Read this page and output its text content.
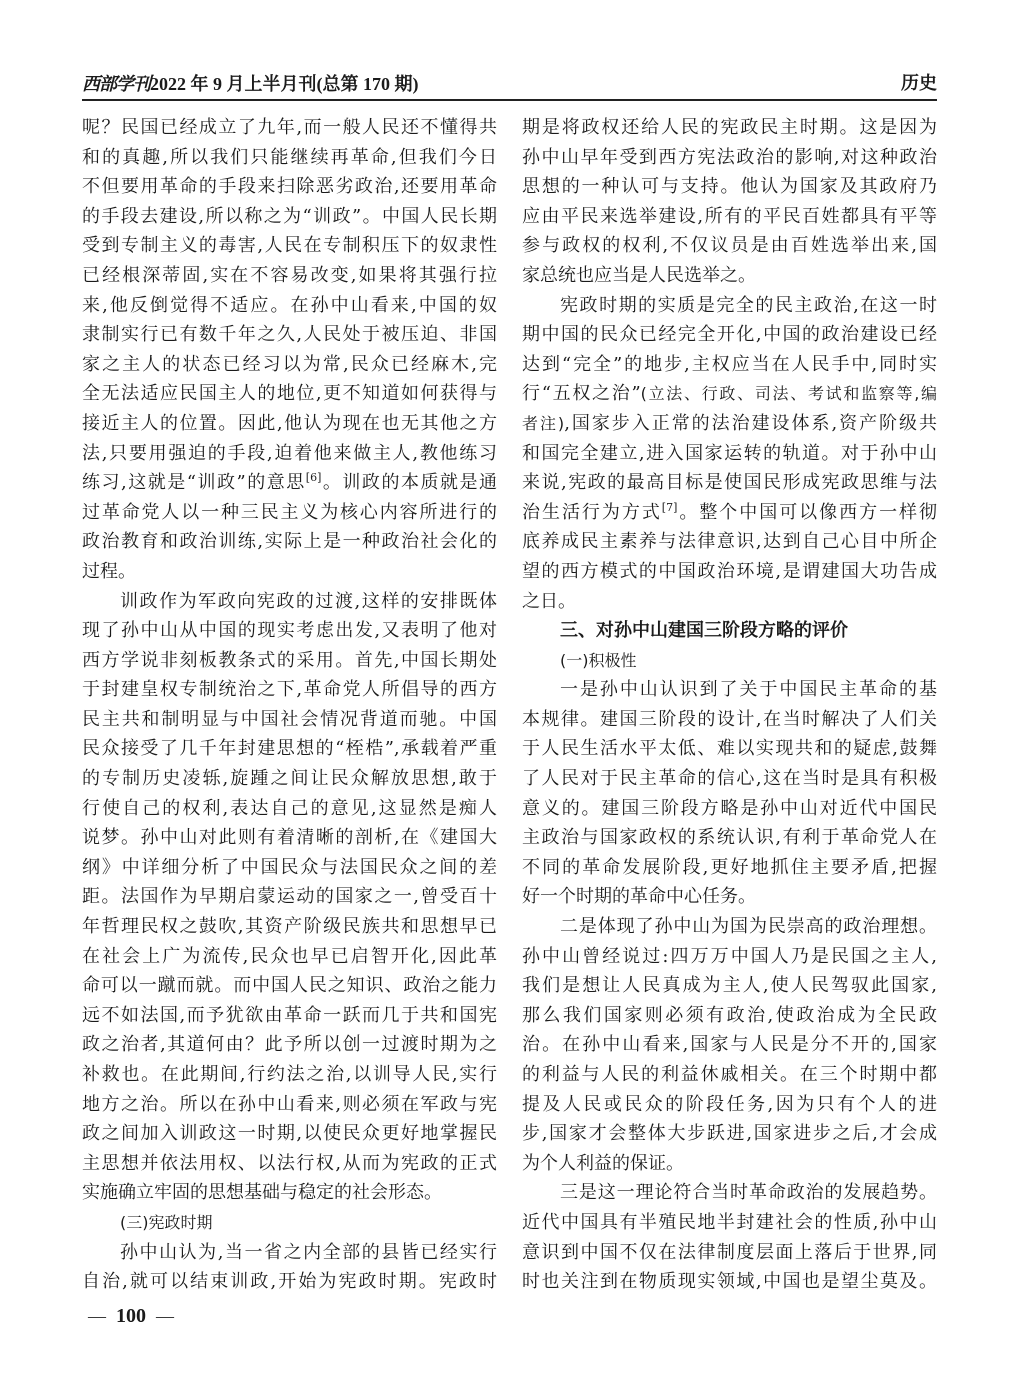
西部学刊2022 年 9 月上半月刊(总第 170 期)	历史
呢？民国已经成立了九年,而一般人民还不懂得共
和的真趣,所以我们只能继续再革命,但我们今日
不但要用革命的手段来扫除恶劣政治,还要用革命
的手段去建设,所以称之为“训政”。中国人民长期
受到专制主义的毒害,人民在专制积压下的奴隶性
已经根深蒂固,实在不容易改变,如果将其强行拉
来,他反倒觉得不适应。在孙中山看来,中国的奴
隶制实行已有数千年之久,人民处于被压迫、非国
家之主人的状态已经习以为常,民众已经麻木,完
全无法适应民国主人的地位,更不知道如何获得与
接近主人的位置。因此,他认为现在也无其他之方
法,只要用强迫的手段,迫着他来做主人,教他练习
练习,这就是“训政”的意思[6]。训政的本质就是通
过革命党人以一种三民主义为核心内容所进行的
政治教育和政治训练,实际上是一种政治社会化的
过程。
训政作为军政向宪政的过渡,这样的安排既体
现了孙中山从中国的现实考虑出发,又表明了他对
西方学说非刻板教条式的采用。首先,中国长期处
于封建皇权专制统治之下,革命党人所倡导的西方
民主共和制明显与中国社会情况背道而驰。中国
民众接受了几千年封建思想的“桎梏”,承载着严重
的专制历史凌轹,旋踵之间让民众解放思想,敢于
行使自己的权利,表达自己的意见,这显然是痴人
说梦。孙中山对此则有着清晰的剖析,在《建国大
纲》中详细分析了中国民众与法国民众之间的差
距。法国作为早期启蒙运动的国家之一,曾受百十
年哲理民权之鼓吹,其资产阶级民族共和思想早已
在社会上广为流传,民众也早已启智开化,因此革
命可以一蹴而就。而中国人民之知识、政治之能力
远不如法国,而予犹欲由革命一跃而几于共和国宪
政之治者,其道何由？此予所以创一过渡时期为之
补救也。在此期间,行约法之治,以训导人民,实行
地方之治。所以在孙中山看来,则必须在军政与宪
政之间加入训政这一时期,以使民众更好地掌握民
主思想并依法用权、以法行权,从而为宪政的正式
实施确立牢固的思想基础与稳定的社会形态。
(三)宪政时期
孙中山认为,当一省之内全部的县皆已经实行
自治,就可以结束训政,开始为宪政时期。宪政时
期是将政权还给人民的宪政民主时期。这是因为
孙中山早年受到西方宪法政治的影响,对这种政治
思想的一种认可与支持。他认为国家及其政府乃
应由平民来选举建设,所有的平民百姓都具有平等
参与政权的权利,不仅议员是由百姓选举出来,国
家总统也应当是人民选举之。
宪政时期的实质是完全的民主政治,在这一时
期中国的民众已经完全开化,中国的政治建设已经
达到“完全”的地步,主权应当在人民手中,同时实
行“五权之治”(立法、行政、司法、考试和监察等,编
者注),国家步入正常的法治建设体系,资产阶级共
和国完全建立,进入国家运转的轨道。对于孙中山
来说,宪政的最高目标是使国民形成宪政思维与法
治生活行为方式[7]。整个中国可以像西方一样彻
底养成民主素养与法律意识,达到自己心目中所企
望的西方模式的中国政治环境,是谓建国大功告成
之日。
三、对孙中山建国三阶段方略的评价
(一)积极性
一是孙中山认识到了关于中国民主革命的基
本规律。建国三阶段的设计,在当时解决了人们关
于人民生活水平太低、难以实现共和的疑虑,鼓舞
了人民对于民主革命的信心,这在当时是具有积极
意义的。建国三阶段方略是孙中山对近代中国民
主政治与国家政权的系统认识,有利于革命党人在
不同的革命发展阶段,更好地抓住主要矛盾,把握
好一个时期的革命中心任务。
二是体现了孙中山为国为民崇高的政治理想。
孙中山曾经说过:四万万中国人乃是民国之主人,
我们是想让人民真成为主人,使人民驾驭此国家,
那么我们国家则必须有政治,使政治成为全民政
治。在孙中山看来,国家与人民是分不开的,国家
的利益与人民的利益休戚相关。在三个时期中都
提及人民或民众的阶段任务,因为只有个人的进
步,国家才会整体大步跃进,国家进步之后,才会成
为个人利益的保证。
三是这一理论符合当时革命政治的发展趋势。
近代中国具有半殖民地半封建社会的性质,孙中山
意识到中国不仅在法律制度层面上落后于世界,同
时也关注到在物质现实领域,中国也是望尘莫及。
— 100 —
